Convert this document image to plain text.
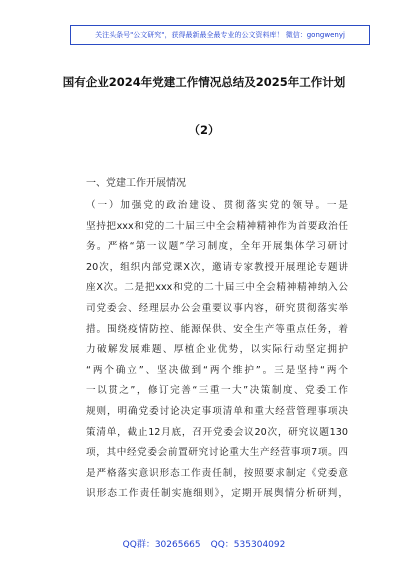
关注头条号"公文研究"，获得最新最全最专业的公文资料库！ 微信：gongwenyj
国有企业2024年党建工作情况总结及2025年工作计划
（2）
一、党建工作开展情况
（一）加强党的政治建设、贯彻落实党的领导。一是
坚持把xxx和党的二十届三中全会精神精神作为首要政治任
务。严格“第一议题”学习制度，全年开展集体学习研讨
20次，组织内部党课X次，邀请专家教授开展理论专题讲
座X次。二是把xxx和党的二十届三中全会精神精神纳入公
司党委会、经理层办公会重要议事内容，研究贯彻落实举
措。围绕疫情防控、能源保供、安全生产等重点任务，着
力破解发展难题、厚植企业优势，以实际行动坚定拥护
“两个确立”、坚决做到“两个维护”。三是坚持“两个
一以贯之”，修订完善“三重一大”决策制度、党委工作
规则，明确党委讨论决定事项清单和重大经营管理事项决
策清单，截止12月底，召开党委会议20次，研究议题130
项，其中经党委会前置研究讨论重大生产经营事项7项。四
是严格落实意识形态工作责任制，按照要求制定《党委意
识形态工作责任制实施细则》，定期开展舆情分析研判，
QQ群：30265665 QQ：535304092
